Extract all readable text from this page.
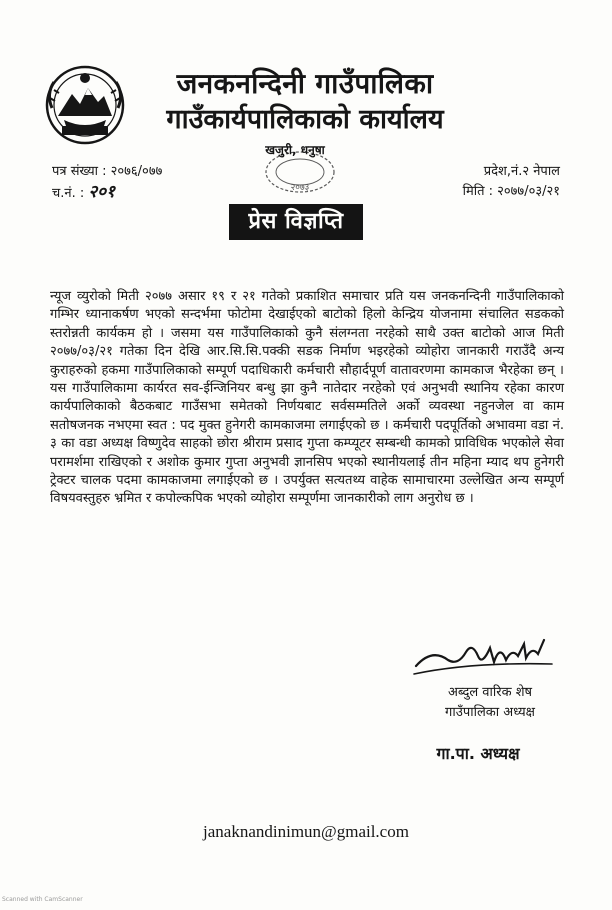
जनकनन्दिनी गाउँपालिका
गाउँकार्यपालिकाको कार्यालय
२०७३
खजुरी, धनुषा
पत्र संख्या : २०७६/०७७
च.नं. : २०१
प्रदेश,नं.२ नेपाल
मिति : २०७७/०३/२१
प्रेस विज्ञप्ति

न्यूज व्युरोको मिती २०७७ असार १९ र २१ गतेको प्रकाशित समाचार प्रति यस जनकनन्दिनी गाउँपालिकाको गम्भिर ध्यानाकर्षण भएको सन्दर्भमा फोटोमा देखाईएको बाटोको हिलो केन्द्रिय योजनामा संचालित सडकको स्तरोन्नती कार्यकम हो । जसमा यस गाउँपालिकाको कुनै संलग्नता नरहेको साथै उक्त बाटोको आज मिती २०७७/०३/२१ गतेका दिन देखि आर.सि.सि.पक्की सडक निर्माण भइरहेको व्योहोरा जानकारी गराउँदै अन्य कुराहरुको हकमा गाउँपालिकाको सम्पूर्ण पदाधिकारी कर्मचारी सौहार्दपूर्ण वातावरणमा कामकाज भैरहेका छन् । यस गाउँपालिकामा कार्यरत सव-ईन्जिनियर बन्धु झा कुनै नातेदार नरहेको एवं अनुभवी स्थानिय रहेका कारण कार्यपालिकाको बैठकबाट गाउँसभा समेतको निर्णयबाट सर्वसम्मतिले अर्को व्यवस्था नहुनजेल वा काम सतोषजनक नभएमा स्वत : पद मुक्त हुनेगरी कामकाजमा लगाईएको छ । कर्मचारी पदपूर्तिको अभावमा वडा नं. ३ का वडा अध्यक्ष विष्णुदेव साहको छोरा श्रीराम प्रसाद गुप्ता कम्प्यूटर सम्बन्धी कामको प्राविधिक भएकोले सेवा परामर्शमा राखिएको र अशोक कुमार गुप्ता अनुभवी ज्ञानसिप भएको स्थानीयलाई तीन महिना म्याद थप हुनेगरी ट्रेक्टर चालक पदमा कामकाजमा लगाईएको छ । उपर्युक्त सत्यतथ्य वाहेक सामाचारमा उल्लेखित अन्य सम्पूर्ण विषयवस्तुहरु भ्रमित र कपोल्कपिक भएको व्योहोरा सम्पूर्णमा जानकारीको लाग अनुरोध छ ।

अब्दुल वारिक शेष
गाउँपालिका अध्यक्ष
गा.पा. अध्यक्ष
janaknandinimun@gmail.com
Scanned with CamScanner
